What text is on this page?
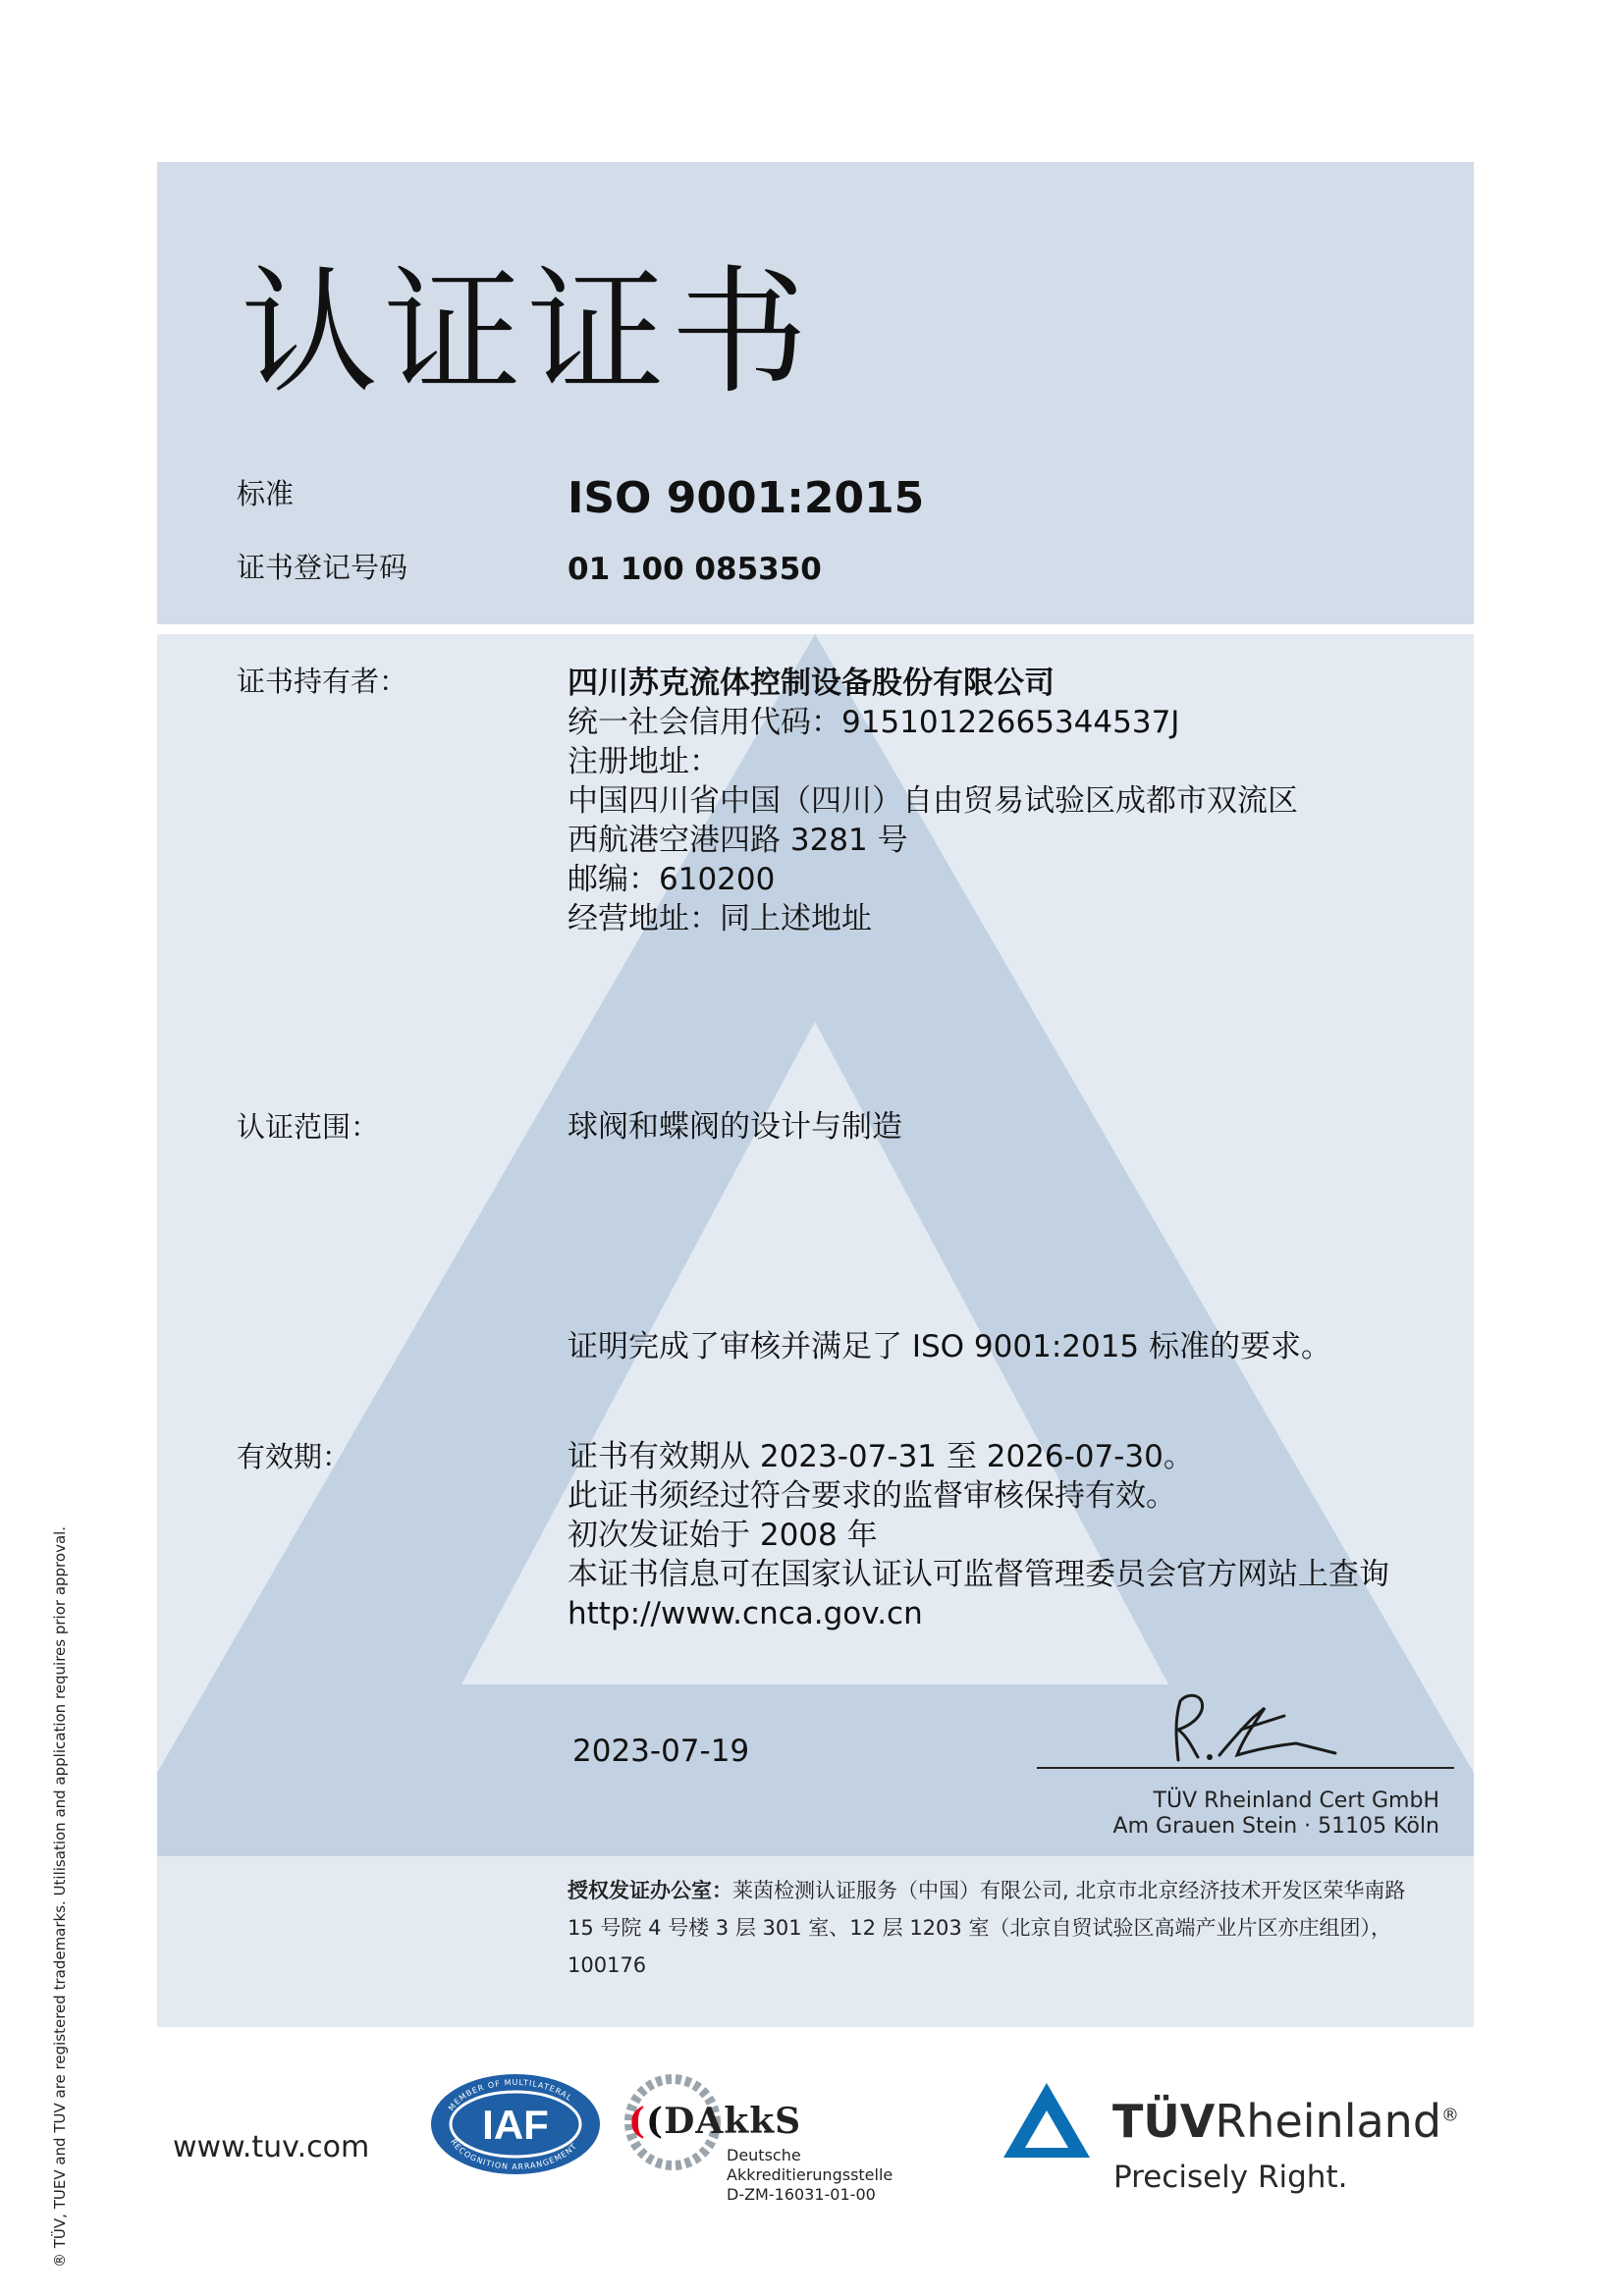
认证证书
标准	ISO 9001:2015
证书登记号码	01 100 085350
证书持有者：	四川苏克流体控制设备股份有限公司
统一社会信用代码：91510122665344537J
注册地址：
中国四川省中国（四川）自由贸易试验区成都市双流区
西航港空港四路 3281 号
邮编：610200
经营地址：同上述地址
认证范围：	球阀和蝶阀的设计与制造
证明完成了审核并满足了 ISO 9001:2015 标准的要求。
有效期：	证书有效期从 2023-07-31 至 2026-07-30。
此证书须经过符合要求的监督审核保持有效。
初次发证始于 2008 年
本证书信息可在国家认证认可监督管理委员会官方网站上查询
http://www.cnca.gov.cn
2023-07-19
TÜV Rheinland Cert GmbH
Am Grauen Stein · 51105 Köln
授权发证办公室：莱茵检测认证服务（中国）有限公司, 北京市北京经济技术开发区荣华南路
15 号院 4 号楼 3 层 301 室、12 层 1203 室（北京自贸试验区高端产业片区亦庄组团），
100176
www.tuv.com	IAF
MEMBER OF MULTILATERAL
RECOGNITION ARRANGEMENT
((DAkkS
Deutsche
Akkreditierungsstelle
D-ZM-16031-01-00
TÜVRheinland®
Precisely Right.
® TÜV, TUEV and TUV are registered trademarks. Utilisation and application requires prior approval.
